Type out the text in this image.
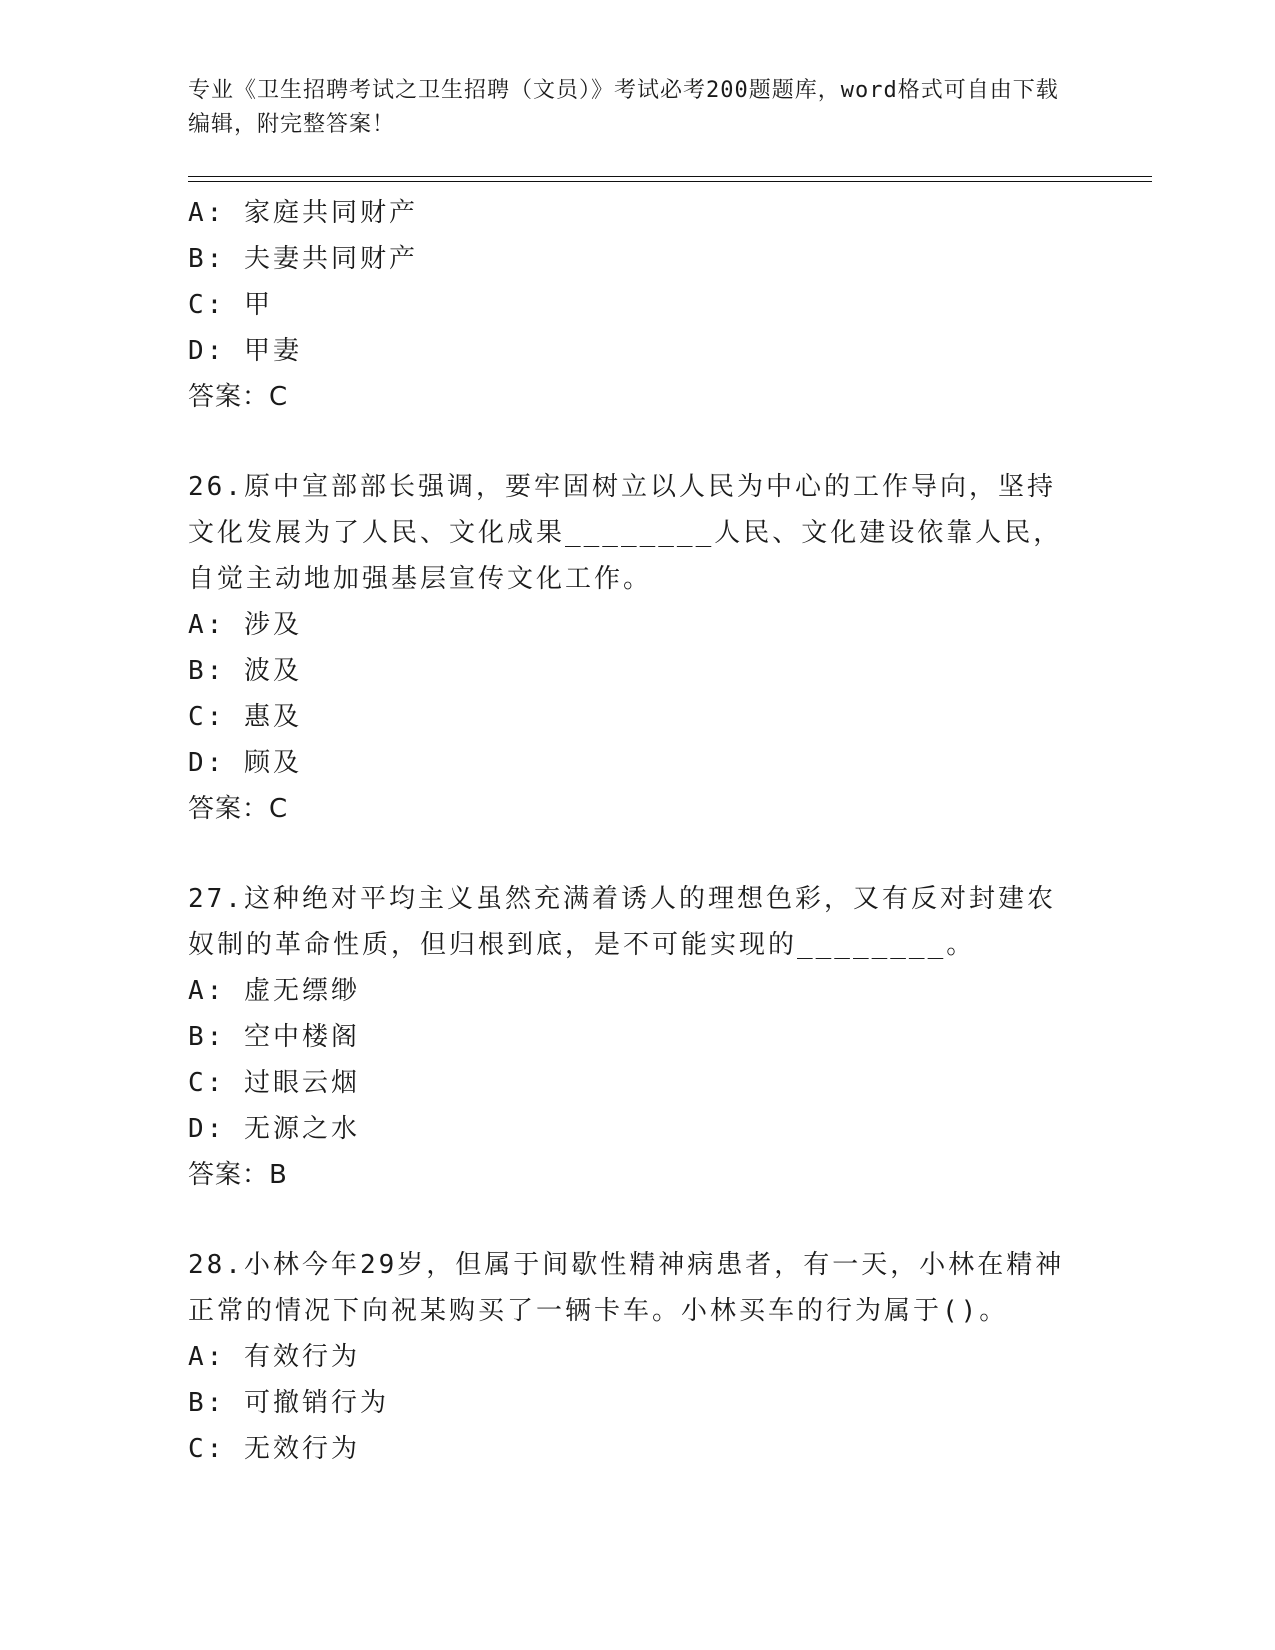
专业《卫生招聘考试之卫生招聘（文员）》考试必考200题题库，word格式可自由下载编辑，附完整答案！
A: 家庭共同财产
B: 夫妻共同财产
C: 甲
D: 甲妻
答案：C
26.原中宣部部长强调，要牢固树立以人民为中心的工作导向，坚持文化发展为了人民、文化成果________人民、文化建设依靠人民，自觉主动地加强基层宣传文化工作。
A: 涉及
B: 波及
C: 惠及
D: 顾及
答案：C
27.这种绝对平均主义虽然充满着诱人的理想色彩，又有反对封建农奴制的革命性质，但归根到底，是不可能实现的________。
A: 虚无缥缈
B: 空中楼阁
C: 过眼云烟
D: 无源之水
答案：B
28.小林今年29岁，但属于间歇性精神病患者，有一天，小林在精神正常的情况下向祝某购买了一辆卡车。小林买车的行为属于()。
A: 有效行为
B: 可撤销行为
C: 无效行为
